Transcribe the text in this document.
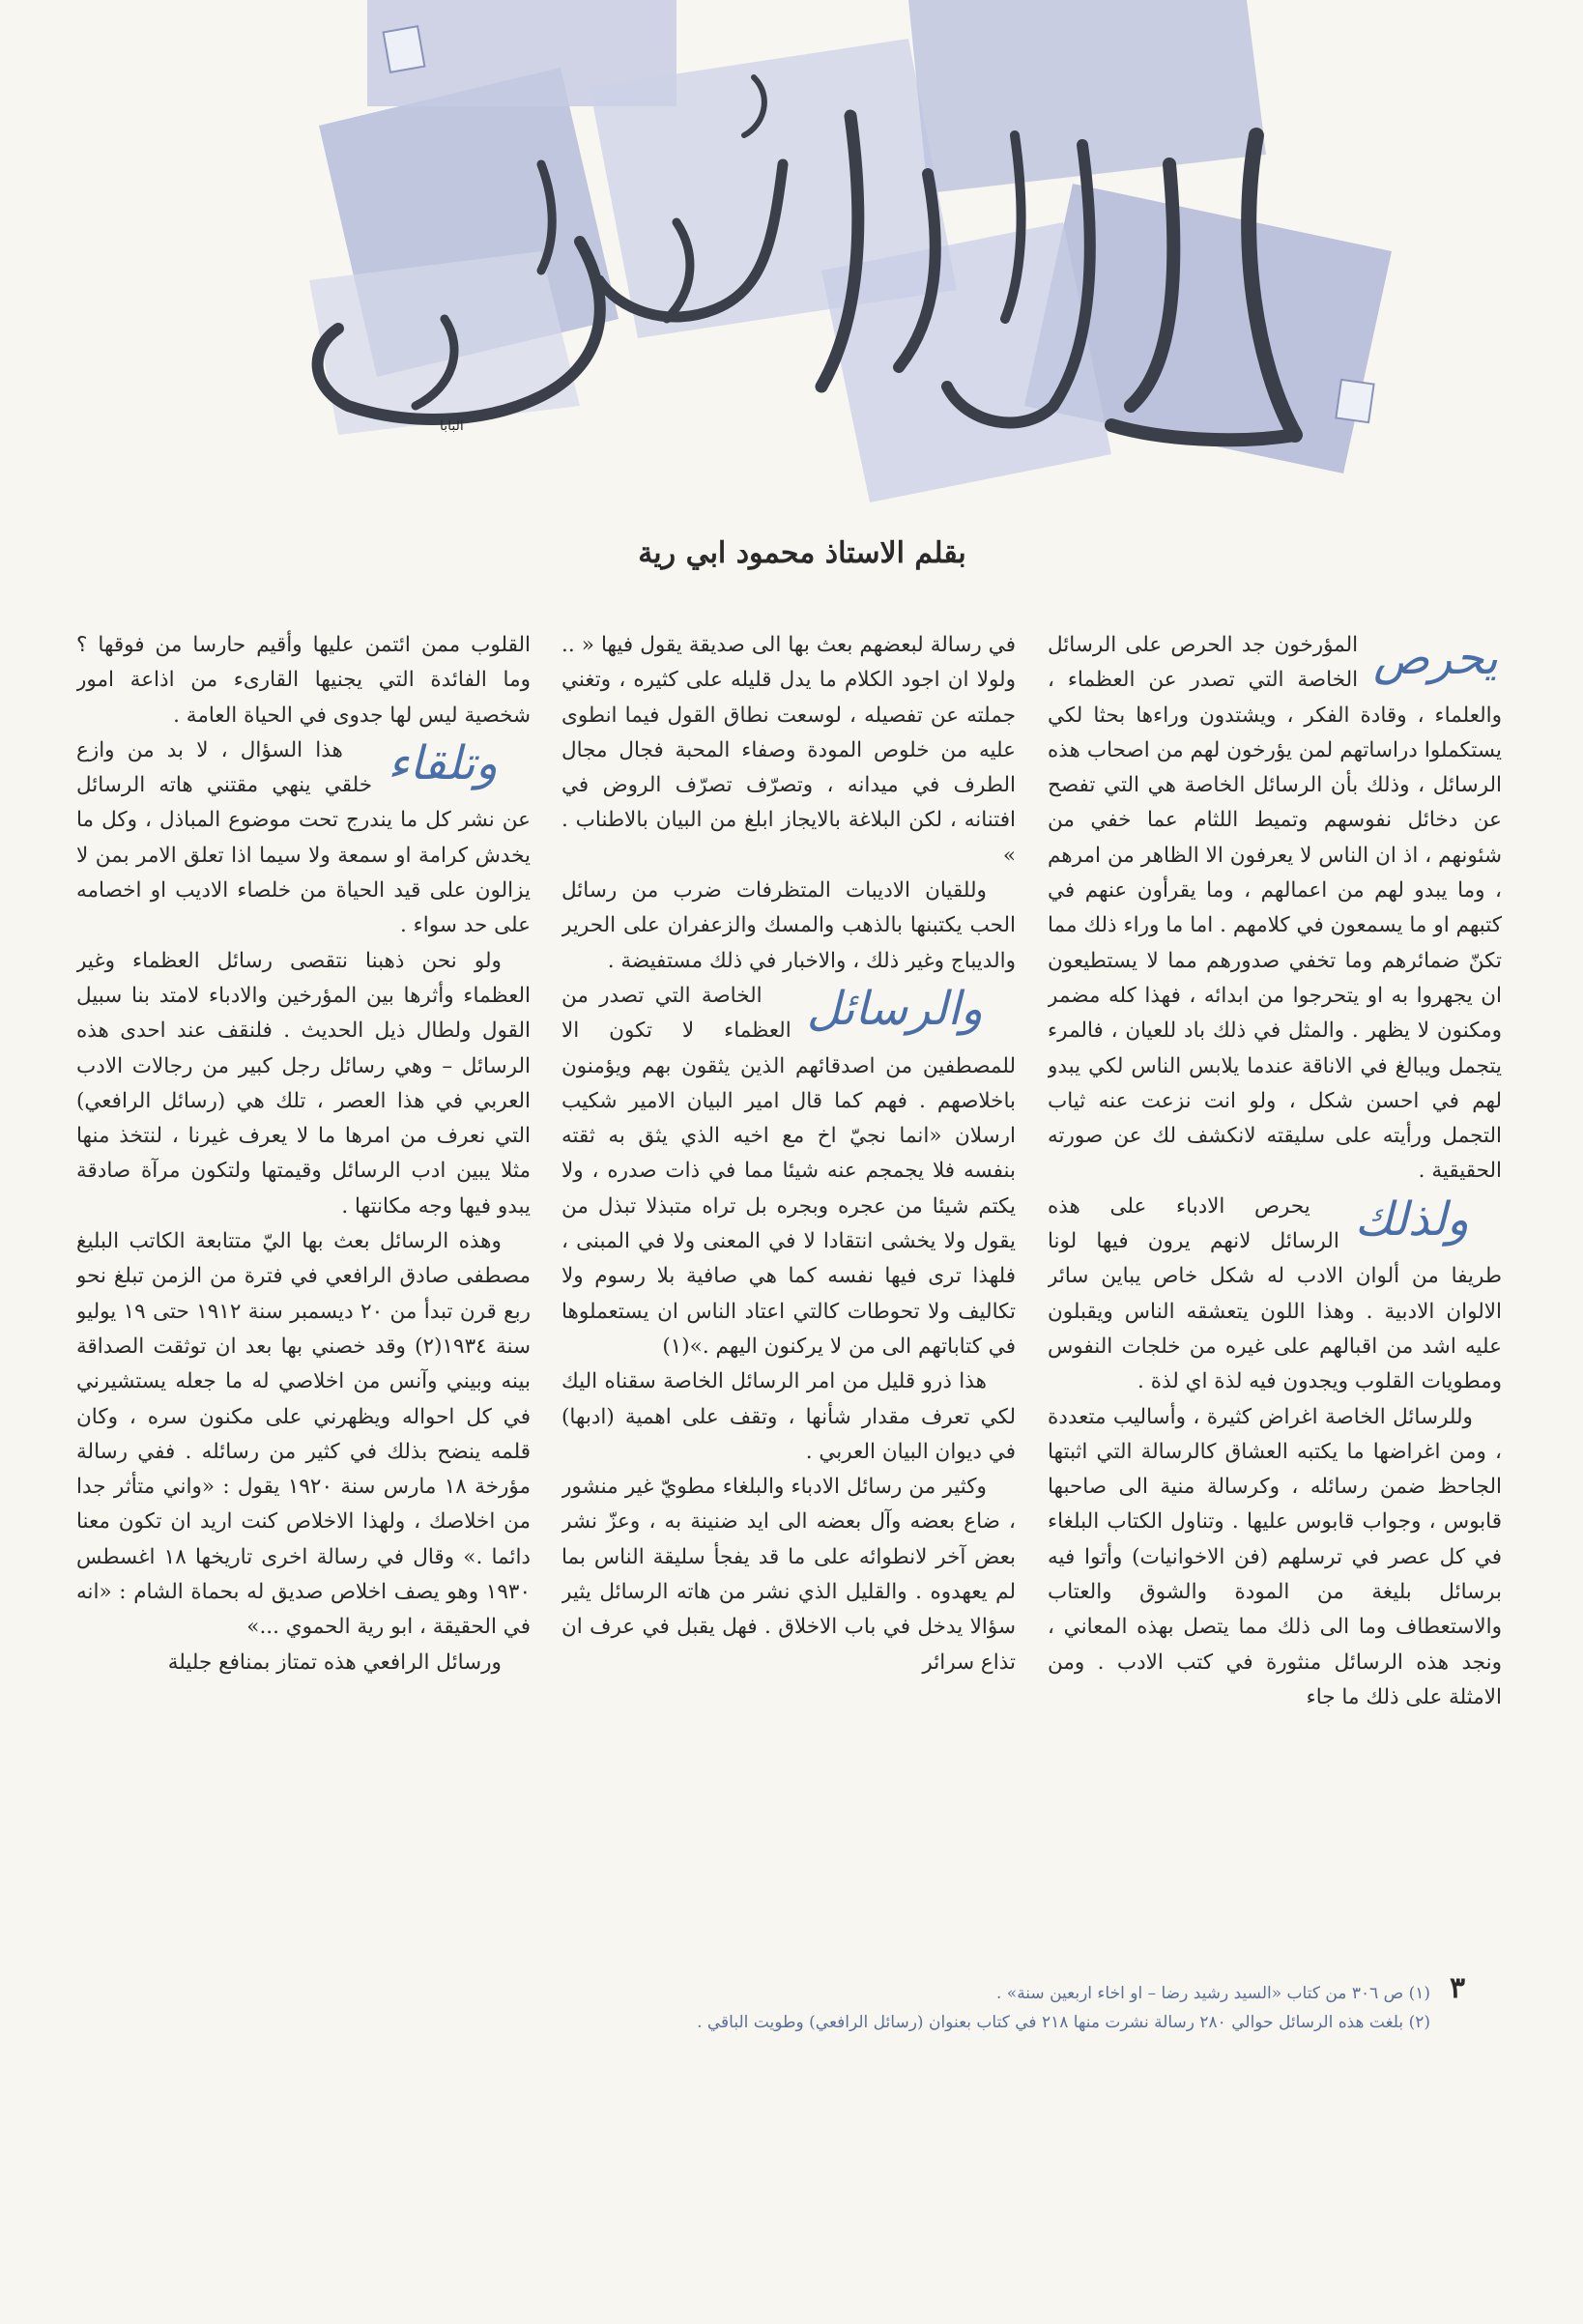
البابا
بقلم الاستاذ محمود ابي رية

يحرص
المؤرخون جد الحرص على الرسائل الخاصة التي تصدر عن العظماء ، والعلماء ، وقادة الفكر ، ويشتدون وراءها بحثا لكي يستكملوا دراساتهم لمن يؤرخون لهم من اصحاب هذه الرسائل ، وذلك بأن الرسائل الخاصة هي التي تفصح عن دخائل نفوسهم وتميط اللثام عما خفي من شئونهم ، اذ ان الناس لا يعرفون الا الظاهر من امرهم ، وما يبدو لهم من اعمالهم ، وما يقرأون عنهم في كتبهم او ما يسمعون في كلامهم . اما ما وراء ذلك مما تكنّ ضمائرهم وما تخفي صدورهم مما لا يستطيعون ان يجهروا به او يتحرجوا من ابدائه ، فهذا كله مضمر ومكنون لا يظهر . والمثل في ذلك باد للعيان ، فالمرء يتجمل ويبالغ في الاناقة عندما يلابس الناس لكي يبدو لهم في احسن شكل ، ولو انت نزعت عنه ثياب التجمل ورأيته على سليقته لانكشف لك عن صورته الحقيقية .

ولذلك
يحرص الادباء على هذه الرسائل لانهم يرون فيها لونا طريفا من ألوان الادب له شكل خاص يباين سائر الالوان الادبية . وهذا اللون يتعشقه الناس ويقبلون عليه اشد من اقبالهم على غيره من خلجات النفوس ومطويات القلوب ويجدون فيه لذة اي لذة .

وللرسائل الخاصة اغراض كثيرة ، وأساليب متعددة ، ومن اغراضها ما يكتبه العشاق كالرسالة التي اثبتها الجاحظ ضمن رسائله ، وكرسالة منية الى صاحبها قابوس ، وجواب قابوس عليها . وتناول الكتاب البلغاء في كل عصر في ترسلهم (فن الاخوانيات) وأتوا فيه برسائل بليغة من المودة والشوق والعتاب والاستعطاف وما الى ذلك مما يتصل بهذه المعاني ، ونجد هذه الرسائل منثورة في كتب الادب . ومن الامثلة على ذلك ما جاء

في رسالة لبعضهم بعث بها الى صديقة يقول فيها « .. ولولا ان اجود الكلام ما يدل قليله على كثيره ، وتغني جملته عن تفصيله ، لوسعت نطاق القول فيما انطوى عليه من خلوص المودة وصفاء المحبة فجال مجال الطرف في ميدانه ، وتصرّف تصرّف الروض في افتنانه ، لكن البلاغة بالايجاز ابلغ من البيان بالاطناب . »

وللقيان الاديبات المتظرفات ضرب من رسائل الحب يكتبنها بالذهب والمسك والزعفران على الحرير والديباج وغير ذلك ، والاخبار في ذلك مستفيضة .

والرسائل
الخاصة التي تصدر من العظماء لا تكون الا للمصطفين من اصدقائهم الذين يثقون بهم ويؤمنون باخلاصهم . فهم كما قال امير البيان الامير شكيب ارسلان «انما نجيّ اخ مع اخيه الذي يثق به ثقته بنفسه فلا يجمجم عنه شيئا مما في ذات صدره ، ولا يكتم شيئا من عجره وبجره بل تراه متبذلا تبذل من يقول ولا يخشى انتقادا لا في المعنى ولا في المبنى ، فلهذا ترى فيها نفسه كما هي صافية بلا رسوم ولا تكاليف ولا تحوطات كالتي اعتاد الناس ان يستعملوها في كتاباتهم الى من لا يركنون اليهم .»(١)

هذا ذرو قليل من امر الرسائل الخاصة سقناه اليك لكي تعرف مقدار شأنها ، وتقف على اهمية (ادبها) في ديوان البيان العربي .

وكثير من رسائل الادباء والبلغاء مطويّ غير منشور ، ضاع بعضه وآل بعضه الى ايد ضنينة به ، وعزّ نشر بعض آخر لانطوائه على ما قد يفجأ سليقة الناس بما لم يعهدوه . والقليل الذي نشر من هاته الرسائل يثير سؤالا يدخل في باب الاخلاق . فهل يقبل في عرف ان تذاع سرائر

القلوب ممن ائتمن عليها وأقيم حارسا من فوقها ؟ وما الفائدة التي يجنيها القارىء من اذاعة امور شخصية ليس لها جدوى في الحياة العامة .

وتلقاء
هذا السؤال ، لا بد من وازع خلقي ينهي مقتني هاته الرسائل عن نشر كل ما يندرج تحت موضوع المباذل ، وكل ما يخدش كرامة او سمعة ولا سيما اذا تعلق الامر بمن لا يزالون على قيد الحياة من خلصاء الاديب او اخصامه على حد سواء .

ولو نحن ذهبنا نتقصى رسائل العظماء وغير العظماء وأثرها بين المؤرخين والادباء لامتد بنا سبيل القول ولطال ذيل الحديث . فلنقف عند احدى هذه الرسائل – وهي رسائل رجل كبير من رجالات الادب العربي في هذا العصر ، تلك هي (رسائل الرافعي) التي نعرف من امرها ما لا يعرف غيرنا ، لنتخذ منها مثلا يبين ادب الرسائل وقيمتها ولتكون مرآة صادقة يبدو فيها وجه مكانتها .

وهذه الرسائل بعث بها اليّ متتابعة الكاتب البليغ مصطفى صادق الرافعي في فترة من الزمن تبلغ نحو ربع قرن تبدأ من ٢٠ ديسمبر سنة ١٩١٢ حتى ١٩ يوليو سنة ١٩٣٤(٢) وقد خصني بها بعد ان توثقت الصداقة بينه وبيني وآنس من اخلاصي له ما جعله يستشيرني في كل احواله ويظهرني على مكنون سره ، وكان قلمه ينضح بذلك في كثير من رسائله . ففي رسالة مؤرخة ١٨ مارس سنة ١٩٢٠ يقول : «واني متأثر جدا من اخلاصك ، ولهذا الاخلاص كنت اريد ان تكون معنا دائما .» وقال في رسالة اخرى تاريخها ١٨ اغسطس ١٩٣٠ وهو يصف اخلاص صديق له بحماة الشام : «انه في الحقيقة ، ابو رية الحموي ...»

ورسائل الرافعي هذه تمتاز بمنافع جليلة

٣
(١) ص ٣٠٦ من كتاب «السيد رشيد رضا – او اخاء اربعين سنة» .
(٢) بلغت هذه الرسائل حوالي ٢٨٠ رسالة نشرت منها ٢١٨ في كتاب بعنوان (رسائل الرافعي) وطويت الباقي .
